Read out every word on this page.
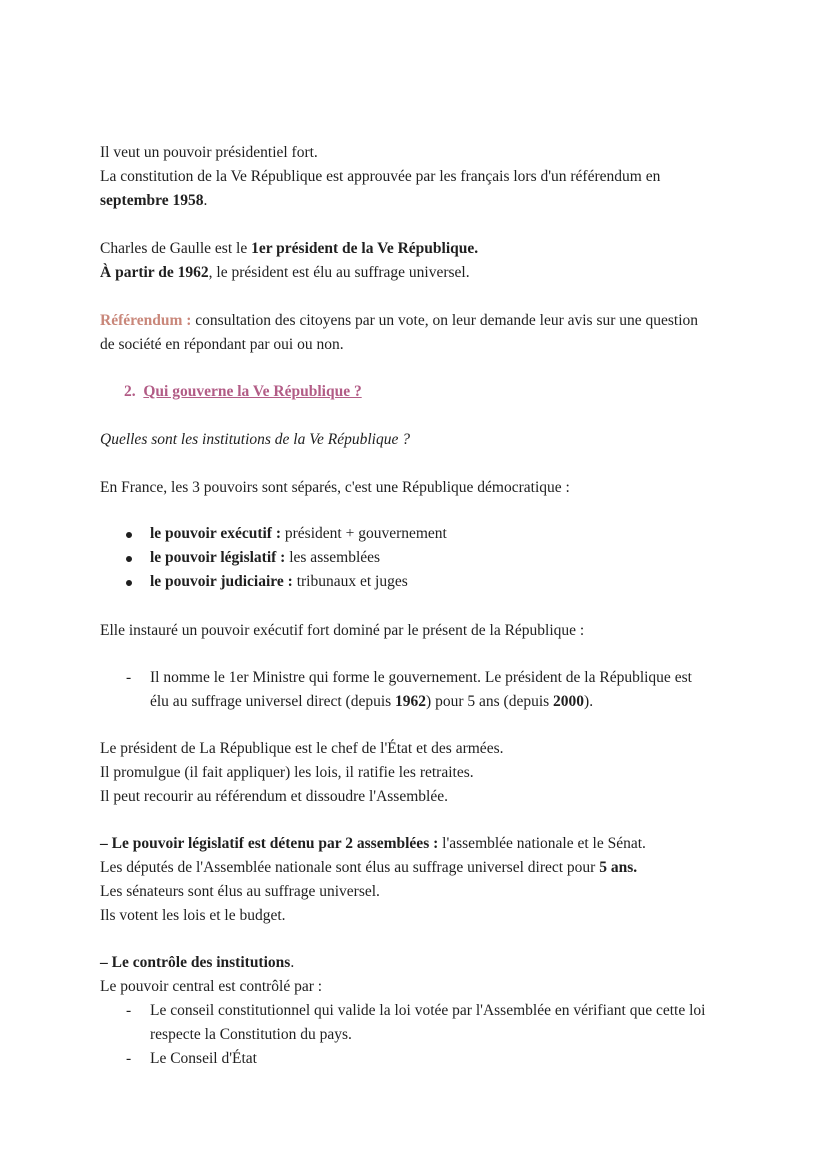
Il veut un pouvoir présidentiel fort.
La constitution de la Ve République est approuvée par les français lors d'un référendum en
septembre 1958.
Charles de Gaulle est le 1er président de la Ve République.
À partir de 1962, le président est élu au suffrage universel.
Référendum : consultation des citoyens par un vote, on leur demande leur avis sur une question
de société en répondant par oui ou non.
2. Qui gouverne la Ve République ?
Quelles sont les institutions de la Ve République ?
En France, les 3 pouvoirs sont séparés, c'est une République démocratique :
le pouvoir exécutif : président + gouvernement
le pouvoir législatif : les assemblées
le pouvoir judiciaire : tribunaux et juges
Elle instauré un pouvoir exécutif fort dominé par le présent de la République :
- Il nomme le 1er Ministre qui forme le gouvernement. Le président de la République est
élu au suffrage universel direct (depuis 1962) pour 5 ans (depuis 2000).
Le président de La République est le chef de l'État et des armées.
Il promulgue (il fait appliquer) les lois, il ratifie les retraites.
Il peut recourir au référendum et dissoudre l'Assemblée.
– Le pouvoir législatif est détenu par 2 assemblées : l'assemblée nationale et le Sénat.
Les députés de l'Assemblée nationale sont élus au suffrage universel direct pour 5 ans.
Les sénateurs sont élus au suffrage universel.
Ils votent les lois et le budget.
– Le contrôle des institutions.
Le pouvoir central est contrôlé par :
- Le conseil constitutionnel qui valide la loi votée par l'Assemblée en vérifiant que cette loi
respecte la Constitution du pays.
- Le Conseil d'État
